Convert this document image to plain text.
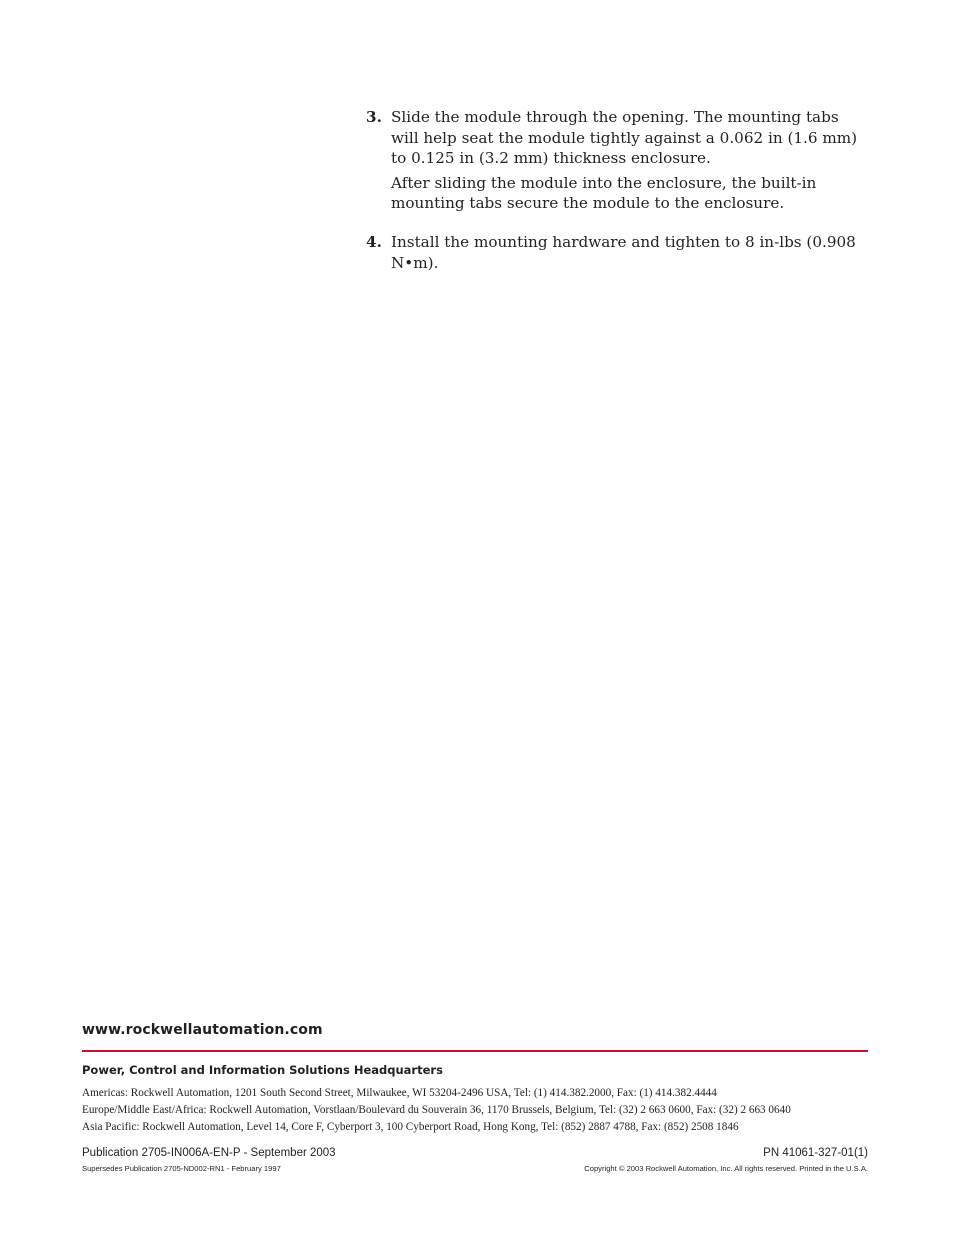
3. Slide the module through the opening. The mounting tabs will help seat the module tightly against a 0.062 in (1.6 mm) to 0.125 in (3.2 mm) thickness enclosure.

After sliding the module into the enclosure, the built-in mounting tabs secure the module to the enclosure.

4. Install the mounting hardware and tighten to 8 in-lbs (0.908 N•m).

www.rockwellautomation.com
Power, Control and Information Solutions Headquarters
Americas: Rockwell Automation, 1201 South Second Street, Milwaukee, WI 53204-2496 USA, Tel: (1) 414.382.2000, Fax: (1) 414.382.4444
Europe/Middle East/Africa: Rockwell Automation, Vorstlaan/Boulevard du Souverain 36, 1170 Brussels, Belgium, Tel: (32) 2 663 0600, Fax: (32) 2 663 0640
Asia Pacific: Rockwell Automation, Level 14, Core F, Cyberport 3, 100 Cyberport Road, Hong Kong, Tel: (852) 2887 4788, Fax: (852) 2508 1846
Publication 2705-IN006A-EN-P - September 2003	PN 41061-327-01(1)
Supersedes Publication 2705-ND002-RN1 - February 1997	Copyright © 2003 Rockwell Automation, Inc. All rights reserved. Printed in the U.S.A.
